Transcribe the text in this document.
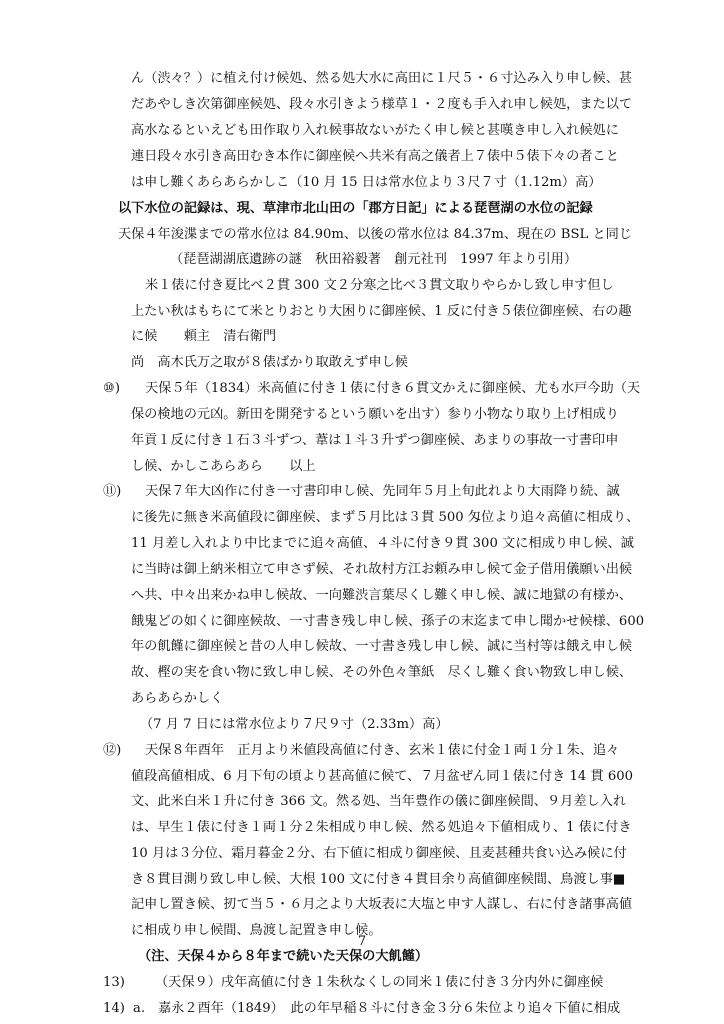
ん（渋々？）に植え付け候処、然る処大水に高田に１尺５・６寸込み入り申し候、甚
だあやしき次第御座候処、段々水引きよう様草１・２度も手入れ申し候処，また以て
高水なるといえども田作取り入れ候事故ないがたく申し候と甚嘆き申し入れ候処に
連日段々水引き高田むき本作に御座候へ共米有高之儀者上７俵中５俵下々の者こと
は申し難くあらあらかしこ（10 月 15 日は常水位より３尺７寸（1.12m）高）
以下水位の記録は、現、草津市北山田の「郡方日記」による琵琶湖の水位の記録
天保４年浚渫までの常水位は 84.90m、以後の常水位は 84.37m、現在の BSL と同じ
（琵琶湖湖底遺跡の謎　秋田裕毅著　創元社刊　1997 年より引用）
米１俵に付き夏比べ２貫 300 文２分寒之比べ３貫文取りやらかし致し申す但し
上たい秋はもちにて米とりおとり大困りに御座候、1 反に付き５俵位御座候、右の趣
に候　　頼主　清右衛門
尚　高木氏万之取が８俵ばかり取敢えず申し候
天保５年（1834）米高値に付き１俵に付き６貫文かえに御座候、尤も水戸今助（天
保の検地の元凶。新田を開発するという願いを出す）参り小物なり取り上げ相成り
年貢１反に付き１石３斗ずつ、葦は１斗３升ずつ御座候、あまりの事故一寸書印申
し候、かしこあらあら　　以上
天保７年大凶作に付き一寸書印申し候、先同年５月上旬此れより大雨降り続、誠
に後先に無き米高値段に御座候、まず５月比は３貫 500 匁位より追々高値に相成り、
11 月差し入れより中比までに追々高値、４斗に付き９貫 300 文に相成り申し候、誠
に当時は御上納米相立て申さず候、それ故村方江お頼み申し候て金子借用儀願い出候
へ共、中々出来かね申し候故、一向難渋言葉尽くし難く申し候、誠に地獄の有様か、
餓鬼どの如くに御座候故、一寸書き残し申し候、孫子の末迄まて申し聞かせ候様、600
年の飢饉に御座候と昔の人申し候故、一寸書き残し申し候、誠に当村等は餓え申し候
故、樫の実を食い物に致し申し候、その外色々筆紙　尽くし難く食い物致し申し候、
あらあらかしく
（7 月 7 日には常水位より７尺９寸（2.33m）高）
天保８年酉年　正月より米値段高値に付き、玄米１俵に付金１両１分１朱、追々
値段高値相成、6 月下旬の頃より甚高値に候て、７月盆ぜん同１俵に付き 14 貫 600
文、此米白米１升に付き 366 文。然る処、当年豊作の儀に御座候間、９月差し入れ
は、早生１俵に付き１両１分２朱相成り申し候、然る処追々下値相成り、1 俵に付き
10 月は３分位、霜月暮金２分、右下値に相成り御座候、且麦甚種共食い込み候に付
き８貫目測り致し申し候、大根 100 文に付き４貫目余り高値御座候間、鳥渡し事■
記申し置き候、扨て当５・６月之より大坂表に大塩と申す人謀し、右に付き諸事高値
に相成り申し候間、鳥渡し記置き申し候。
（注、天保４から８年まで続いた天保の大飢饉）
（天保９）戌年高値に付き１朱秋なくしの同米１俵に付き３分内外に御座候
嘉永２酉年（1849）　此の年早稲８斗に付き金３分６朱位より追々下値に相成
⑩)
⑪)
⑫)
13)
14) a.
7
